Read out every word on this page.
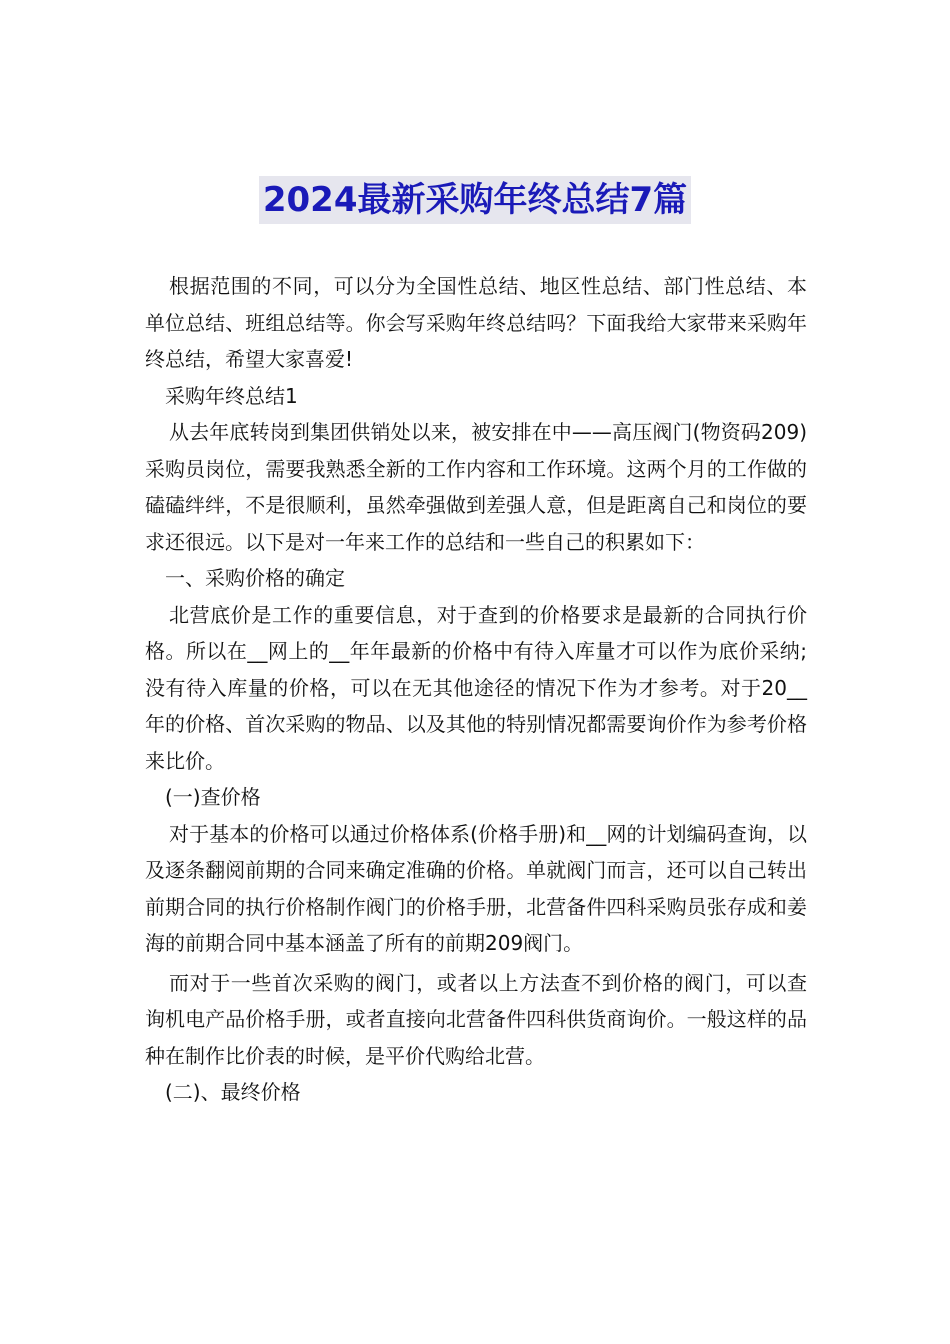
2024最新采购年终总结7篇

根据范围的不同，可以分为全国性总结、地区性总结、部门性总结、本单位总结、班组总结等。你会写采购年终总结吗？下面我给大家带来采购年终总结，希望大家喜爱!

采购年终总结1

从去年底转岗到集团供销处以来，被安排在中——高压阀门(物资码209)采购员岗位，需要我熟悉全新的工作内容和工作环境。这两个月的工作做的磕磕绊绊，不是很顺利，虽然牵强做到差强人意，但是距离自己和岗位的要求还很远。以下是对一年来工作的总结和一些自己的积累如下：

一、采购价格的确定

北营底价是工作的重要信息，对于查到的价格要求是最新的合同执行价格。所以在__网上的__年年最新的价格中有待入库量才可以作为底价采纳;没有待入库量的价格，可以在无其他途径的情况下作为才参考。对于20__年的价格、首次采购的物品、以及其他的特别情况都需要询价作为参考价格来比价。

(一)查价格

对于基本的价格可以通过价格体系(价格手册)和__网的计划编码查询，以及逐条翻阅前期的合同来确定准确的价格。单就阀门而言，还可以自己转出前期合同的执行价格制作阀门的价格手册，北营备件四科采购员张存成和姜海的前期合同中基本涵盖了所有的前期209阀门。

而对于一些首次采购的阀门，或者以上方法查不到价格的阀门，可以查询机电产品价格手册，或者直接向北营备件四科供货商询价。一般这样的品种在制作比价表的时候，是平价代购给北营。

(二)、最终价格
